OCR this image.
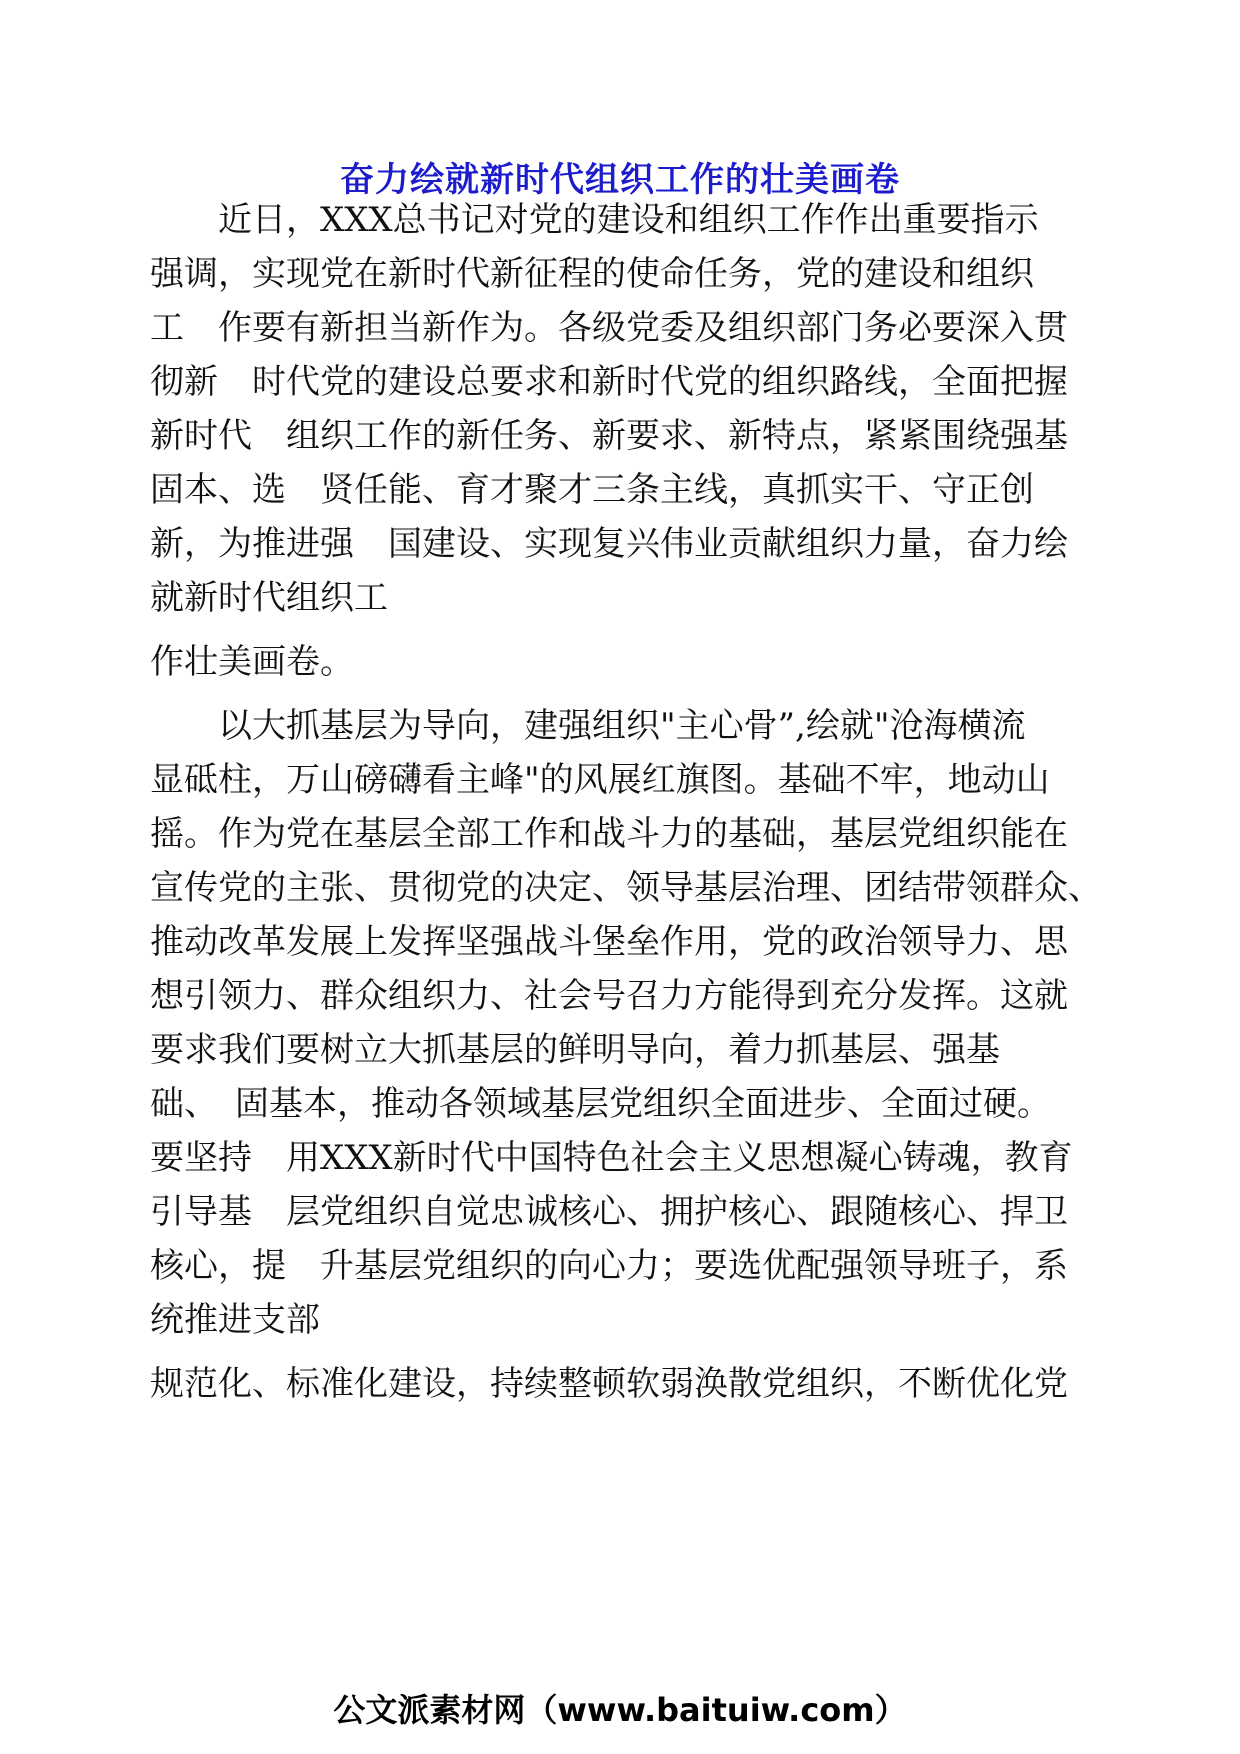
奋力绘就新时代组织工作的壮美画卷
　　近日，XXX总书记对党的建设和组织工作作出重要指示
强调，实现党在新时代新征程的使命任务，党的建设和组织
工　作要有新担当新作为。各级党委及组织部门务必要深入贯
彻新　时代党的建设总要求和新时代党的组织路线，全面把握
新时代　组织工作的新任务、新要求、新特点，紧紧围绕强基
固本、选　贤任能、育才聚才三条主线，真抓实干、守正创
新，为推进强　国建设、实现复兴伟业贡献组织力量，奋力绘
就新时代组织工
作壮美画卷。
　　以大抓基层为导向，建强组织"主心骨”,绘就"沧海横流
显砥柱，万山磅礴看主峰"的风展红旗图。基础不牢，地动山
摇。作为党在基层全部工作和战斗力的基础，基层党组织能在
宣传党的主张、贯彻党的决定、领导基层治理、团结带领群众、
推动改革发展上发挥坚强战斗堡垒作用，党的政治领导力、思
想引领力、群众组织力、社会号召力方能得到充分发挥。这就
要求我们要树立大抓基层的鲜明导向，着力抓基层、强基
础、　固基本，推动各领域基层党组织全面进步、全面过硬。
要坚持　用XXX新时代中国特色社会主义思想凝心铸魂，教育
引导基　层党组织自觉忠诚核心、拥护核心、跟随核心、捍卫
核心，提　升基层党组织的向心力；要选优配强领导班子，系
统推进支部
规范化、标准化建设，持续整顿软弱涣散党组织，不断优化党
公文派素材网（www.baituiw.com）
